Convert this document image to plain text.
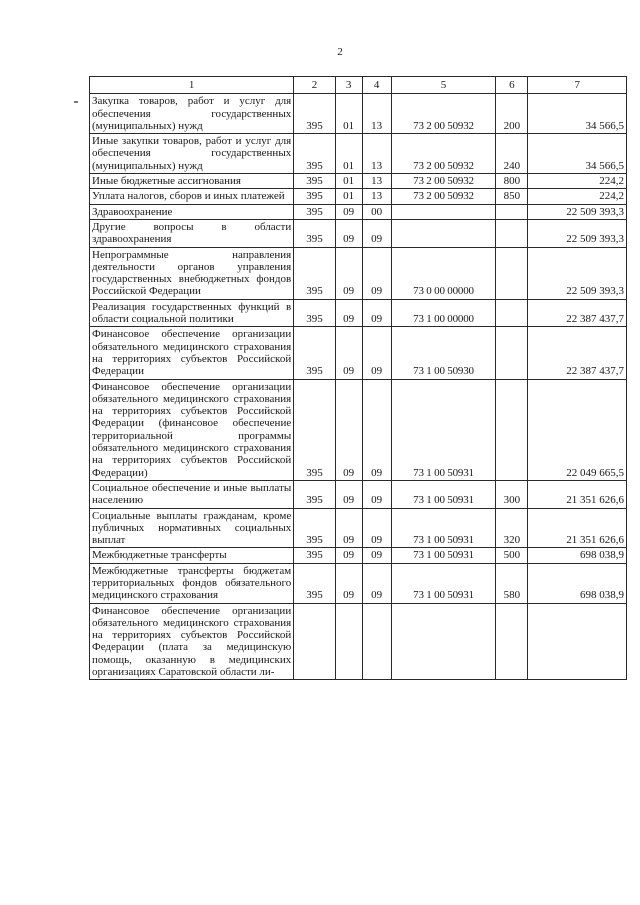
2
1	2	3	4	5	6	7
Закупка товаров, работ и услуг для обеспечения государственных (муниципальных) нужд	395	01	13	73 2 00 50932	200	34 566,5
Иные закупки товаров, работ и услуг для обеспечения государственных (муниципальных) нужд	395	01	13	73 2 00 50932	240	34 566,5
Иные бюджетные ассигнования	395	01	13	73 2 00 50932	800	224,2
Уплата налогов, сборов и иных платежей	395	01	13	73 2 00 50932	850	224,2
Здравоохранение	395	09	00			22 509 393,3
Другие вопросы в области здравоохранения	395	09	09			22 509 393,3
Непрограммные направления деятельности органов управления государственных внебюджетных фондов Российской Федерации	395	09	09	73 0 00 00000		22 509 393,3
Реализация государственных функций в области социальной политики	395	09	09	73 1 00 00000		22 387 437,7
Финансовое обеспечение организации обязательного медицинского страхования на территориях субъектов Российской Федерации	395	09	09	73 1 00 50930		22 387 437,7
Финансовое обеспечение организации обязательного медицинского страхования на территориях субъектов Российской Федерации (финансовое обеспечение территориальной программы обязательного медицинского страхования на территориях субъектов Российской Федерации)	395	09	09	73 1 00 50931		22 049 665,5
Социальное обеспечение и иные выплаты населению	395	09	09	73 1 00 50931	300	21 351 626,6
Социальные выплаты гражданам, кроме публичных нормативных социальных выплат	395	09	09	73 1 00 50931	320	21 351 626,6
Межбюджетные трансферты	395	09	09	73 1 00 50931	500	698 038,9
Межбюджетные трансферты бюджетам территориальных фондов обязательного медицинского страхования	395	09	09	73 1 00 50931	580	698 038,9
Финансовое обеспечение организации обязательного медицинского страхования на территориях субъектов Российской Федерации (плата за медицинскую помощь, оказанную в медицинских организациях Саратовской области ли-						
